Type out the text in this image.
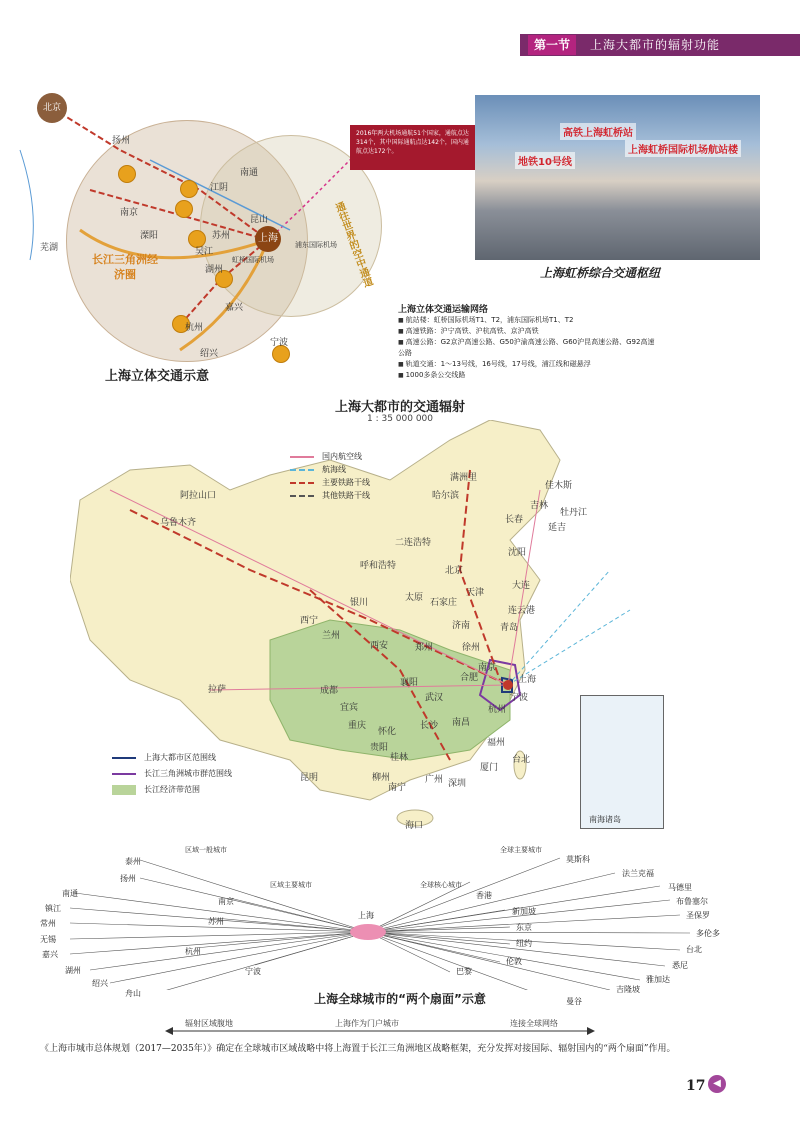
第一节	上海大都市的辐射功能
北京
上海
扬州
南通
江阴
南京
昆山
苏州
吴江
溧阳
芜湖
湖州
嘉兴
宁波
杭州
绍兴
虹桥国际机场
浦东国际机场
长江三角洲经济圈	通往世界的空中通道
2016年两大机场通航51个国家，通航点达314个，其中国际通航点达142个，国内通航点达172个。
上海立体交通示意
高铁上海虹桥站
地铁10号线
上海虹桥国际机场航站楼
上海虹桥综合交通枢纽
上海立体交通运输网络
■ 航站楼：虹桥国际机场T1、T2，浦东国际机场T1、T2
■ 高速铁路：沪宁高铁、沪杭高铁、京沪高铁
■ 高速公路：G2京沪高速公路、G50沪渝高速公路、G60沪昆高速公路、G92高速公路
■ 轨道交通：1～13号线，16号线，17号线，浦江线和磁悬浮
■ 1000多条公交线路
上海大都市的交通辐射
1 : 35 000 000
国内航空线
航海线
主要铁路干线
其他铁路干线
上海大都市区范围线
长江三角洲城市群范围线
长江经济带范围
哈尔滨
佳木斯
牡丹江
长春
延吉
吉林
沈阳
大连
呼和浩特	北京
天津
石家庄
太原
银川
兰州
西宁
乌鲁木齐
阿拉山口
拉萨	成都
重庆
贵阳
昆明
南宁
广州 深圳
海口
长沙
武汉
南昌
福州
厦门
台北
杭州
宁波
上海
南京
合肥
徐州
青岛
济南
郑州
西安
二连浩特
连云港
满洲里
桂林
柳州
怀化
襄阳
宜宾
南海诸岛
上海
区域一般城市
区域主要城市
全球主要城市
全球核心城市
泰州
扬州
南通
镇江
常州
无锡
嘉兴
湖州
绍兴
舟山
南京
苏州
杭州
宁波
莫斯科
法兰克福
马德里
布鲁塞尔
圣保罗
多伦多
台北
悉尼
雅加达
吉隆坡
曼谷
香港
新加坡
东京
纽约
伦敦
巴黎
上海全球城市的“两个扇面”示意
辐射区域腹地	上海作为门户城市	连接全球网络
《上海市城市总体规划（2017—2035年）》确定在全球城市区域战略中将上海置于长江三角洲地区战略框架，充分发挥对接国际、辐射国内的“两个扇面”作用。
17 ◀
